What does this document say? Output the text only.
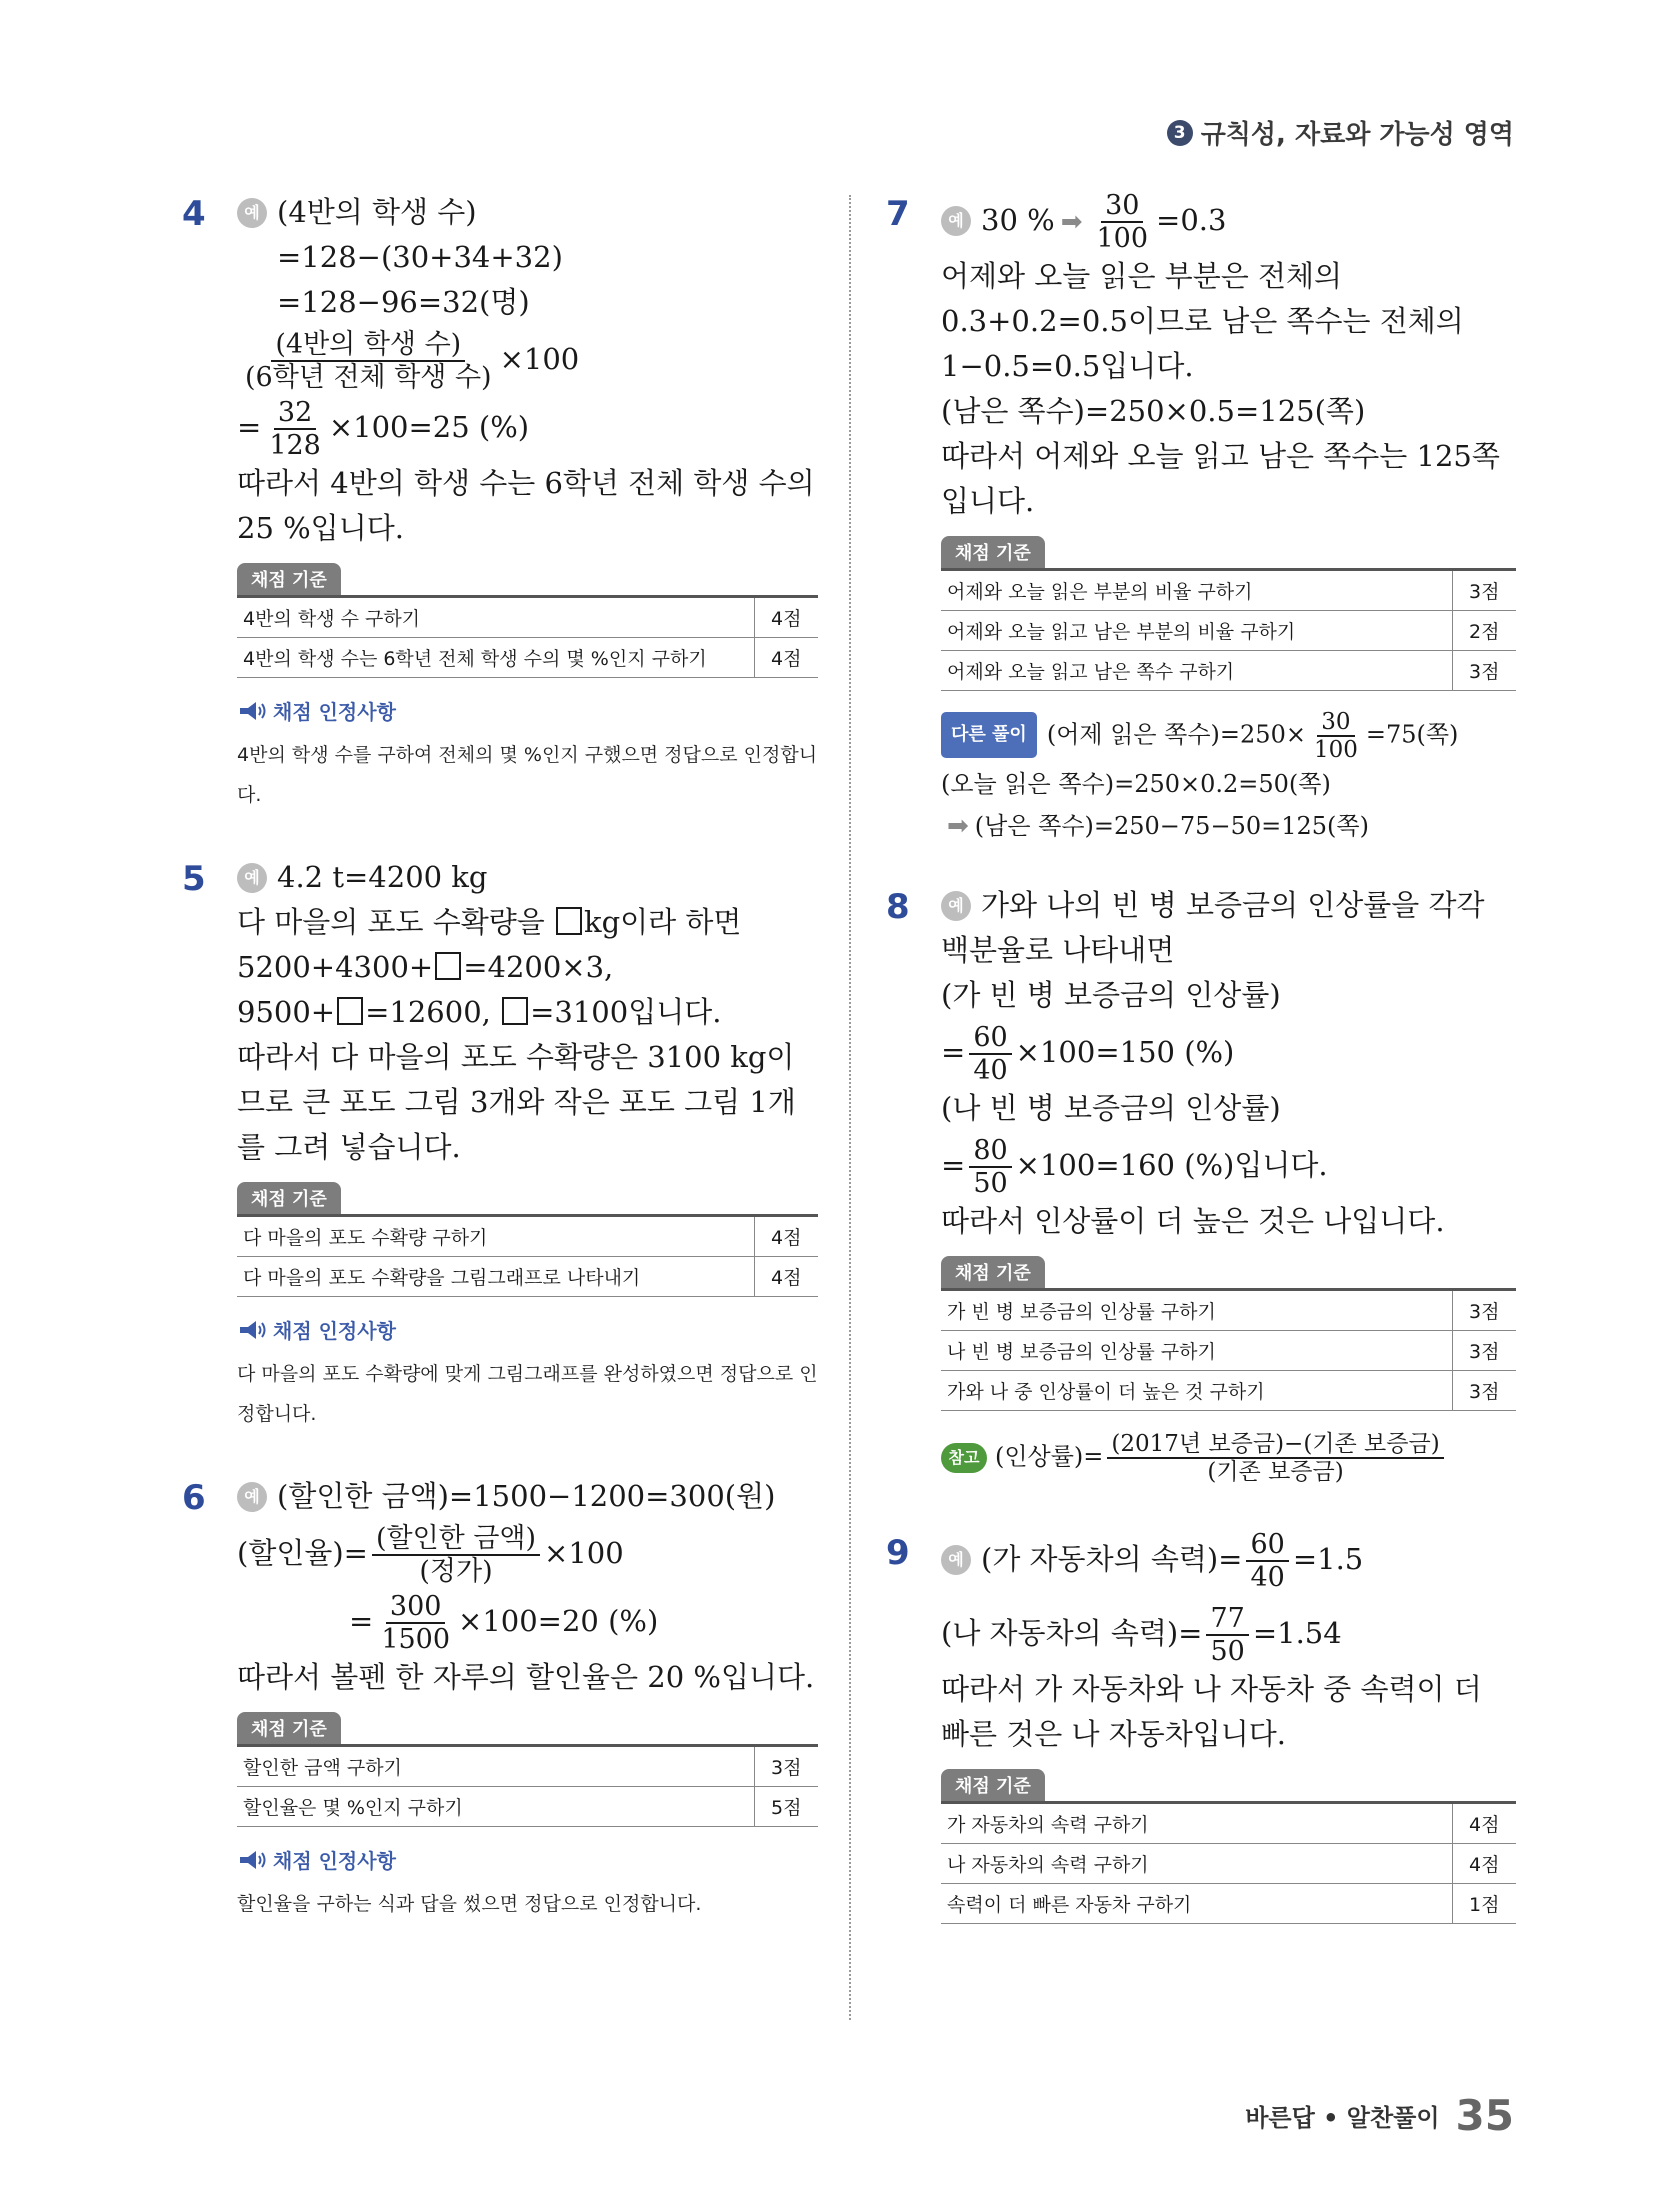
3 규칙성, 자료와 가능성 영역
4	예 (4반의 학생 수)
=128−(30+34+32)
=128−96=32(명)
$\frac{\text{(4반의 학생 수)}}{\text{(6학년 전체 학생 수)}} \times 100$
= $\frac{32}{128} \times 100=25$ (%)
따라서 4반의 학생 수는 6학년 전체 학생 수의 25 %입니다.
채점 기준
4반의 학생 수 구하기	4점
4반의 학생 수는 6학년 전체 학생 수의 몇 %인지 구하기	4점
채점 인정사항
4반의 학생 수를 구하여 전체의 몇 %인지 구했으면 정답으로 인정합니다.
5	예 4.2 t=4200 kg
다 마을의 포도 수확량을 kg이라 하면
5200+4300+ =4200×3,
9500+ =12600, =3100입니다.
따라서 다 마을의 포도 수확량은 3100 kg이므로 큰 포도 그림 3개와 작은 포도 그림 1개를 그려 넣습니다.
채점 기준
다 마을의 포도 수확량 구하기	4점
다 마을의 포도 수확량을 그림그래프로 나타내기	4점
채점 인정사항
다 마을의 포도 수확량에 맞게 그림그래프를 완성하였으면 정답으로 인정합니다.
6	예 (할인한 금액)=1500−1200=300(원)
(할인율)= $\frac{\text{(할인한 금액)}}{\text{(정가)}} \times 100$
= $\frac{300}{1500} \times 100=20$ (%)
따라서 볼펜 한 자루의 할인율은 20 %입니다.
채점 기준
할인한 금액 구하기	3점
할인율은 몇 %인지 구하기	5점
채점 인정사항
할인율을 구하는 식과 답을 썼으면 정답으로 인정합니다.
7	예 30 % ➡ $\frac{30}{100} =0.3$
어제와 오늘 읽은 부분은 전체의
0.3+0.2=0.5이므로 남은 쪽수는 전체의
1−0.5=0.5입니다.
(남은 쪽수)=250×0.5=125(쪽)
따라서 어제와 오늘 읽고 남은 쪽수는 125쪽입니다.
채점 기준
어제와 오늘 읽은 부분의 비율 구하기	3점
어제와 오늘 읽고 남은 부분의 비율 구하기	2점
어제와 오늘 읽고 남은 쪽수 구하기	3점
다른 풀이 (어제 읽은 쪽수)$=250\times \frac{30}{100} =75$(쪽)
(오늘 읽은 쪽수)=250×0.2=50(쪽)
➡ (남은 쪽수)=250−75−50=125(쪽)
8	예 가와 나의 빈 병 보증금의 인상률을 각각
백분율로 나타내면
(가 빈 병 보증금의 인상률)
= $\frac{60}{40} \times 100=150$ (%)
(나 빈 병 보증금의 인상률)
= $\frac{80}{50} \times 100=160$ (%)입니다.
따라서 인상률이 더 높은 것은 나입니다.
채점 기준
가 빈 병 보증금의 인상률 구하기	3점
나 빈 병 보증금의 인상률 구하기	3점
가와 나 중 인상률이 더 높은 것 구하기	3점
참고 (인상률)= $\frac{\text{(2017년 보증금)−(기존 보증금)}}{\text{(기존 보증금)}}$
9	예 (가 자동차의 속력)= $\frac{60}{40} =1.5$
(나 자동차의 속력)= $\frac{77}{50} =1.54$
따라서 가 자동차와 나 자동차 중 속력이 더 빠른 것은 나 자동차입니다.
채점 기준
가 자동차의 속력 구하기	4점
나 자동차의 속력 구하기	4점
속력이 더 빠른 자동차 구하기	1점
바른답 • 알찬풀이 35
